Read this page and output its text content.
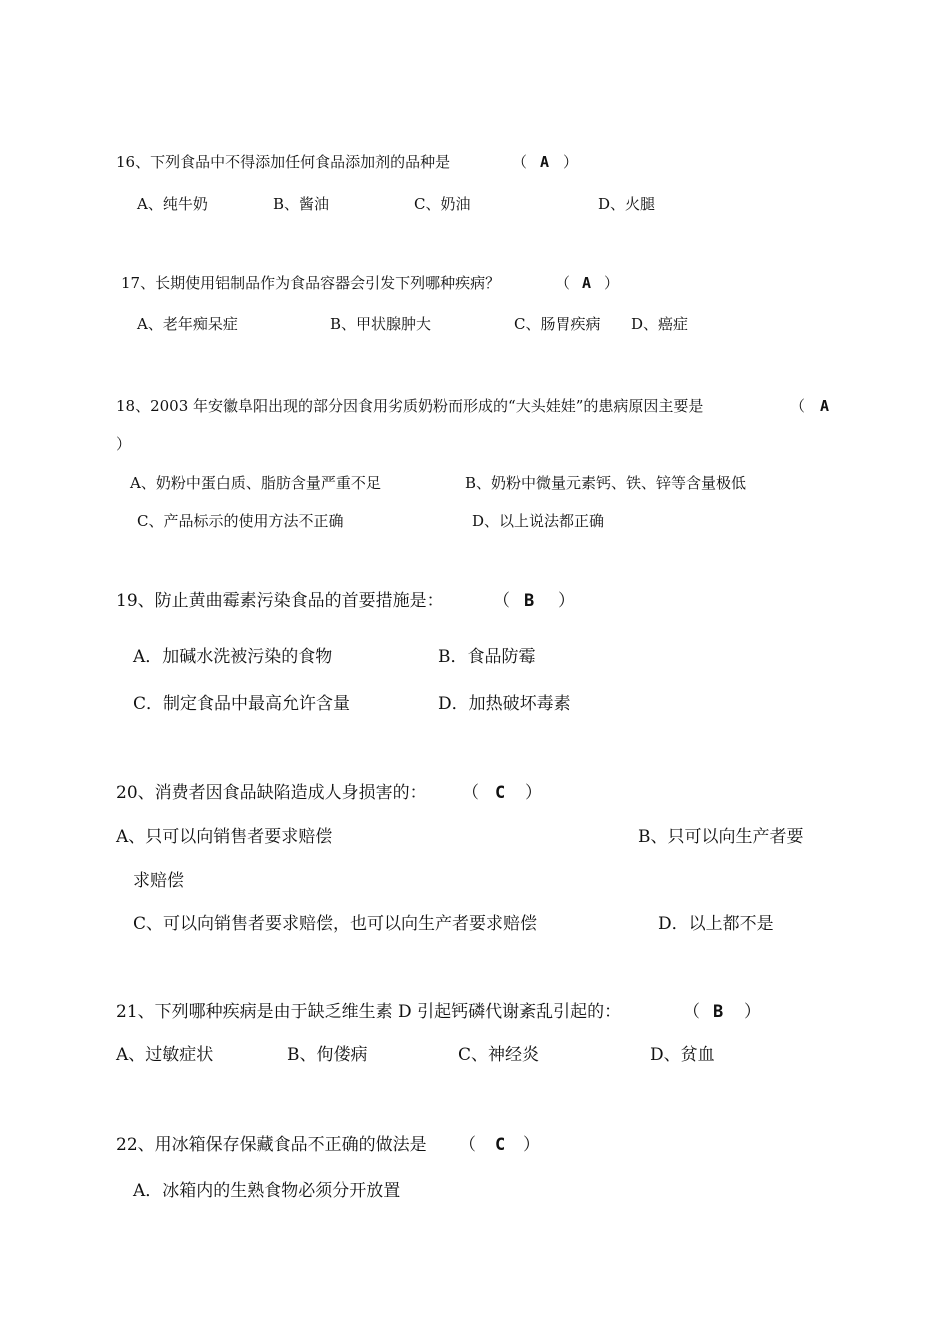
16、下列食品中不得添加任何食品添加剂的品种是	（ A ）
A、纯牛奶	B、酱油	C、奶油	D、火腿
17、长期使用铝制品作为食品容器会引发下列哪种疾病？	（ A ）
A、老年痴呆症	B、甲状腺肿大	C、肠胃疾病 D、癌症
18、2003 年安徽阜阳出现的部分因食用劣质奶粉而形成的“大头娃娃”的患病原因主要是	（ A
）
A、奶粉中蛋白质、脂肪含量严重不足	B、奶粉中微量元素钙、铁、锌等含量极低
C、产品标示的使用方法不正确	D、以上说法都正确
19、防止黄曲霉素污染食品的首要措施是：	（ B ）
A．加碱水洗被污染的食物	B．食品防霉
C．制定食品中最高允许含量	D．加热破坏毒素
20、消费者因食品缺陷造成人身损害的： （ C ）
A、只可以向销售者要求赔偿	B、只可以向生产者要
求赔偿
C、可以向销售者要求赔偿，也可以向生产者要求赔偿	D．以上都不是
21、下列哪种疾病是由于缺乏维生素 D 引起钙磷代谢紊乱引起的：	（ B ）
A、过敏症状	B、佝偻病	C、神经炎	D、贫血
22、用冰箱保存保藏食品不正确的做法是 （ C ）
A．冰箱内的生熟食物必须分开放置
